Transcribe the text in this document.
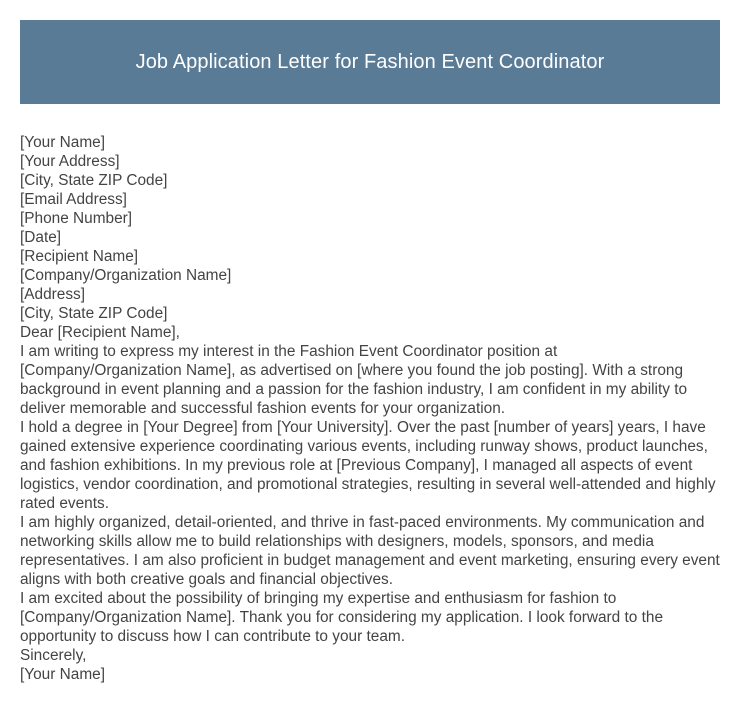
Job Application Letter for Fashion Event Coordinator
[Your Name]
[Your Address]
[City, State ZIP Code]
[Email Address]
[Phone Number]
[Date]
[Recipient Name]
[Company/Organization Name]
[Address]
[City, State ZIP Code]
Dear [Recipient Name],

I am writing to express my interest in the Fashion Event Coordinator position at [Company/Organization Name], as advertised on [where you found the job posting]. With a strong background in event planning and a passion for the fashion industry, I am confident in my ability to deliver memorable and successful fashion events for your organization.

I hold a degree in [Your Degree] from [Your University]. Over the past [number of years] years, I have gained extensive experience coordinating various events, including runway shows, product launches, and fashion exhibitions. In my previous role at [Previous Company], I managed all aspects of event logistics, vendor coordination, and promotional strategies, resulting in several well-attended and highly rated events.

I am highly organized, detail-oriented, and thrive in fast-paced environments. My communication and networking skills allow me to build relationships with designers, models, sponsors, and media representatives. I am also proficient in budget management and event marketing, ensuring every event aligns with both creative goals and financial objectives.

I am excited about the possibility of bringing my expertise and enthusiasm for fashion to [Company/Organization Name]. Thank you for considering my application. I look forward to the opportunity to discuss how I can contribute to your team.

Sincerely,
[Your Name]
